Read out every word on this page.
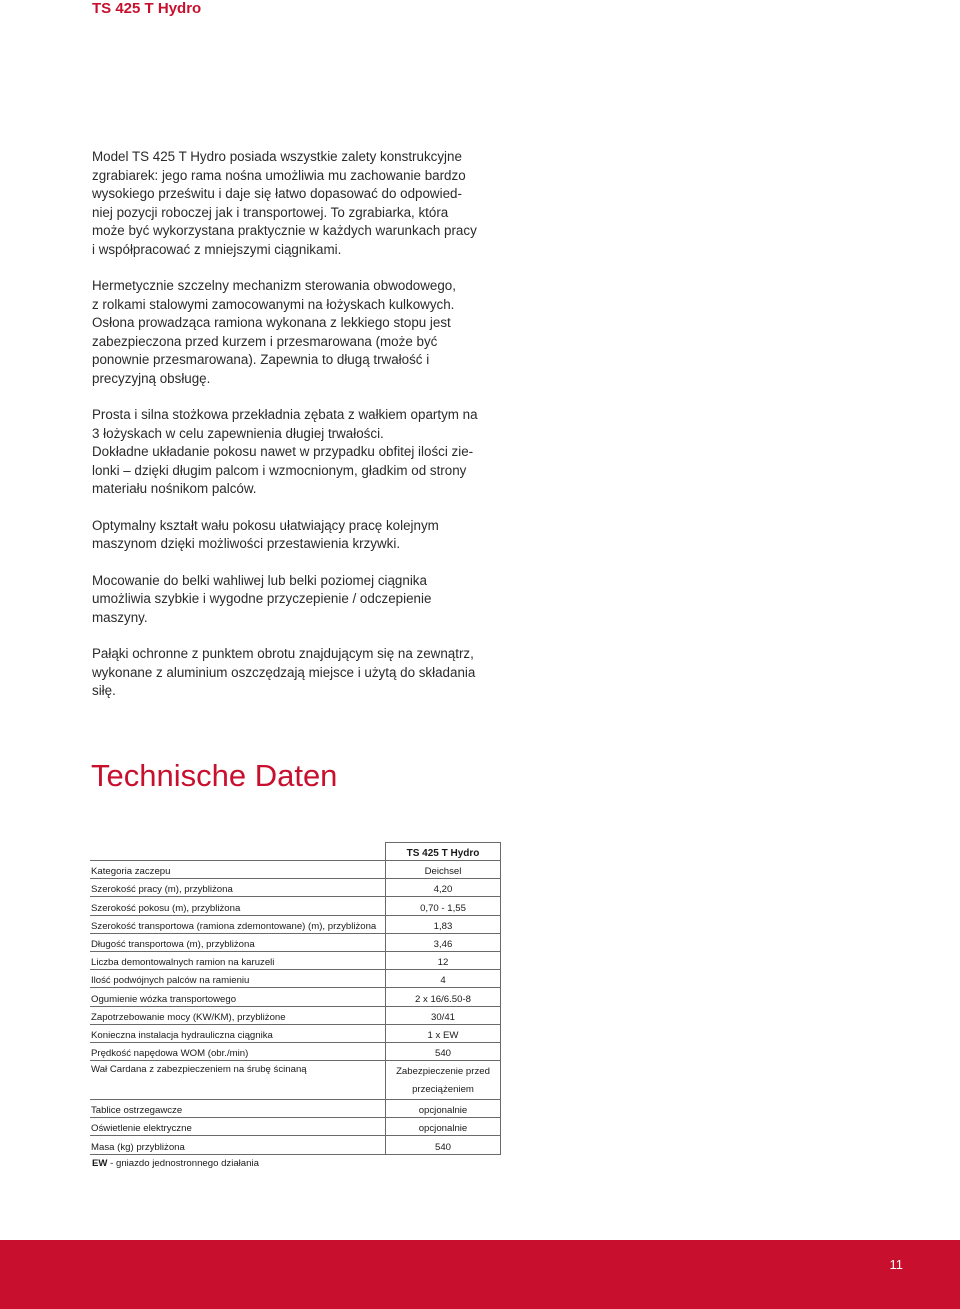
TS 425 T Hydro

Model TS 425 T Hydro posiada wszystkie zalety konstrukcyjne
zgrabiarek: jego rama nośna umożliwia mu zachowanie bardzo
wysokiego prześwitu i daje się łatwo dopasować do odpowied-
niej pozycji roboczej jak i transportowej. To zgrabiarka, która
może być wykorzystana praktycznie w każdych warunkach pracy
i współpracować z mniejszymi ciągnikami.

Hermetycznie szczelny mechanizm sterowania obwodowego,
z rolkami stalowymi zamocowanymi na łożyskach kulkowych.
Osłona prowadząca ramiona wykonana z lekkiego stopu jest
zabezpieczona przed kurzem i przesmarowana (może być
ponownie przesmarowana). Zapewnia to długą trwałość i
precyzyjną obsługę.

Prosta i silna stożkowa przekładnia zębata z wałkiem opartym na
3 łożyskach w celu zapewnienia długiej trwałości.
Dokładne układanie pokosu nawet w przypadku obfitej ilości zie-
lonki – dzięki długim palcom i wzmocnionym, gładkim od strony
materiału nośnikom palców.

Optymalny kształt wału pokosu ułatwiający pracę kolejnym
maszynom dzięki możliwości przestawienia krzywki.

Mocowanie do belki wahliwej lub belki poziomej ciągnika
umożliwia szybkie i wygodne przyczepienie / odczepienie
maszyny.

Pałąki ochronne z punktem obrotu znajdującym się na zewnątrz,
wykonane z aluminium oszczędzają miejsce i użytą do składania
siłę.

Technische Daten
	TS 425 T Hydro
Kategoria zaczepu	Deichsel
Szerokość pracy (m), przybliżona	4,20
Szerokość pokosu (m), przybliżona	0,70 - 1,55
Szerokość transportowa (ramiona zdemontowane) (m), przybliżona	1,83
Długość transportowa (m), przybliżona	3,46
Liczba demontowalnych ramion na karuzeli	12
Ilość podwójnych palców na ramieniu	4
Ogumienie wózka transportowego	2 x 16/6.50-8
Zapotrzebowanie mocy (KW/KM), przybliżone	30/41
Konieczna instalacja hydrauliczna ciągnika	1 x EW
Prędkość napędowa WOM (obr./min)	540
Wał Cardana z zabezpieczeniem na śrubę ścinaną	Zabezpieczenie przed przeciążeniem
Tablice ostrzegawcze	opcjonalnie
Oświetlenie elektryczne	opcjonalnie
Masa (kg) przybliżona	540
EW - gniazdo jednostronnego działania
11
